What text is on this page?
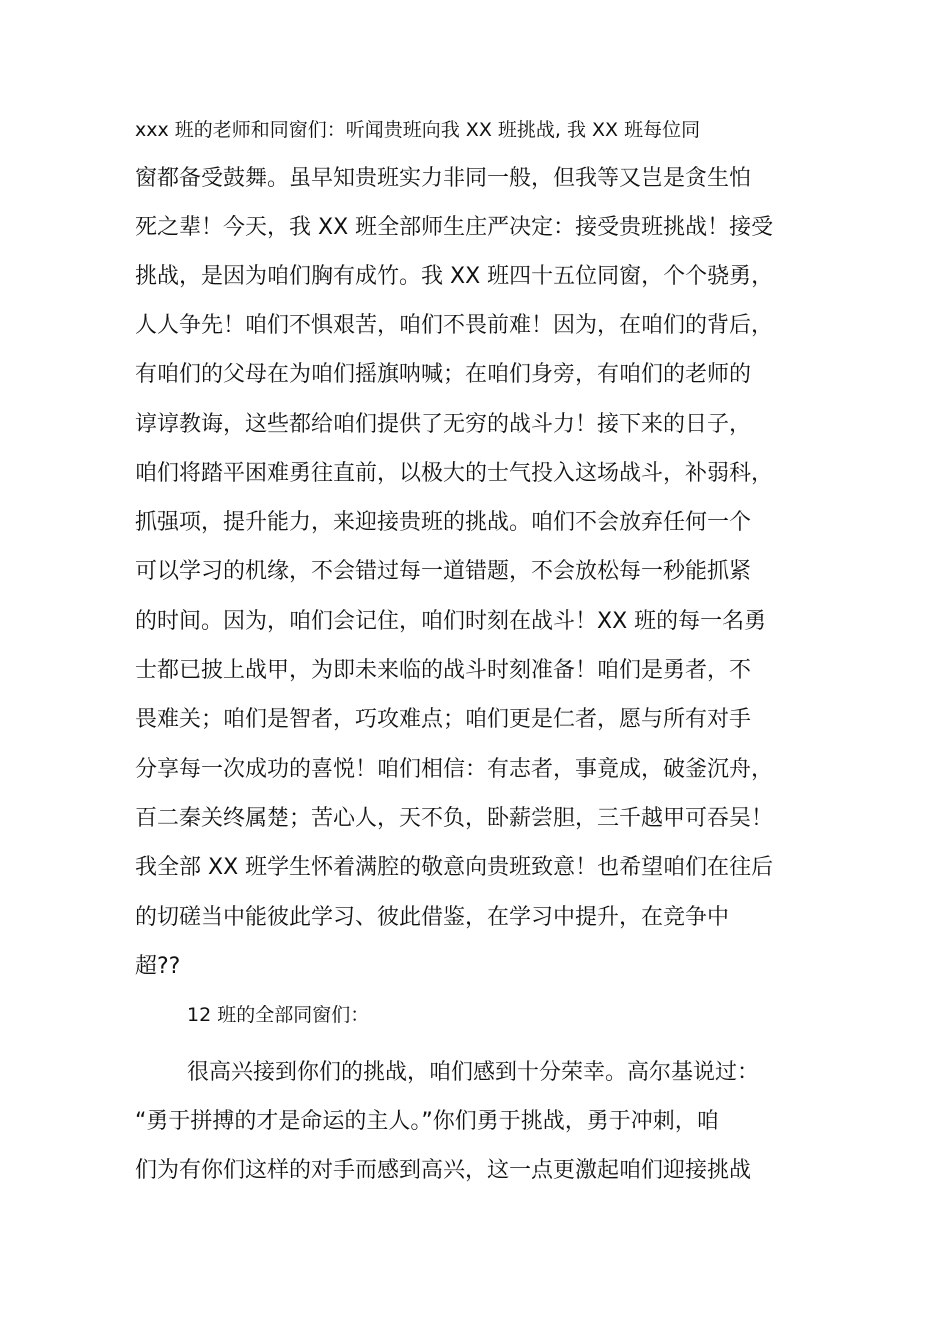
xxx 班的老师和同窗们：听闻贵班向我 XX 班挑战, 我 XX 班每位同
窗都备受鼓舞。虽早知贵班实力非同一般，但我等又岂是贪生怕
死之辈！今天，我 XX 班全部师生庄严决定：接受贵班挑战！接受
挑战，是因为咱们胸有成竹。我 XX 班四十五位同窗，个个骁勇，
人人争先！咱们不惧艰苦，咱们不畏前难！因为，在咱们的背后，
有咱们的父母在为咱们摇旗呐喊；在咱们身旁，有咱们的老师的
谆谆教诲，这些都给咱们提供了无穷的战斗力！接下来的日子，
咱们将踏平困难勇往直前，以极大的士气投入这场战斗，补弱科，
抓强项，提升能力，来迎接贵班的挑战。咱们不会放弃任何一个
可以学习的机缘，不会错过每一道错题，不会放松每一秒能抓紧
的时间。因为，咱们会记住，咱们时刻在战斗！XX 班的每一名勇
士都已披上战甲，为即未来临的战斗时刻准备！咱们是勇者，不
畏难关；咱们是智者，巧攻难点；咱们更是仁者，愿与所有对手
分享每一次成功的喜悦！咱们相信：有志者，事竟成，破釜沉舟，
百二秦关终属楚；苦心人，天不负，卧薪尝胆，三千越甲可吞吴！
我全部 XX 班学生怀着满腔的敬意向贵班致意！也希望咱们在往后
的切磋当中能彼此学习、彼此借鉴，在学习中提升，在竞争中
超??
12 班的全部同窗们：
很高兴接到你们的挑战，咱们感到十分荣幸。高尔基说过：
“勇于拼搏的才是命运的主人。”你们勇于挑战，勇于冲刺，咱
们为有你们这样的对手而感到高兴，这一点更激起咱们迎接挑战
